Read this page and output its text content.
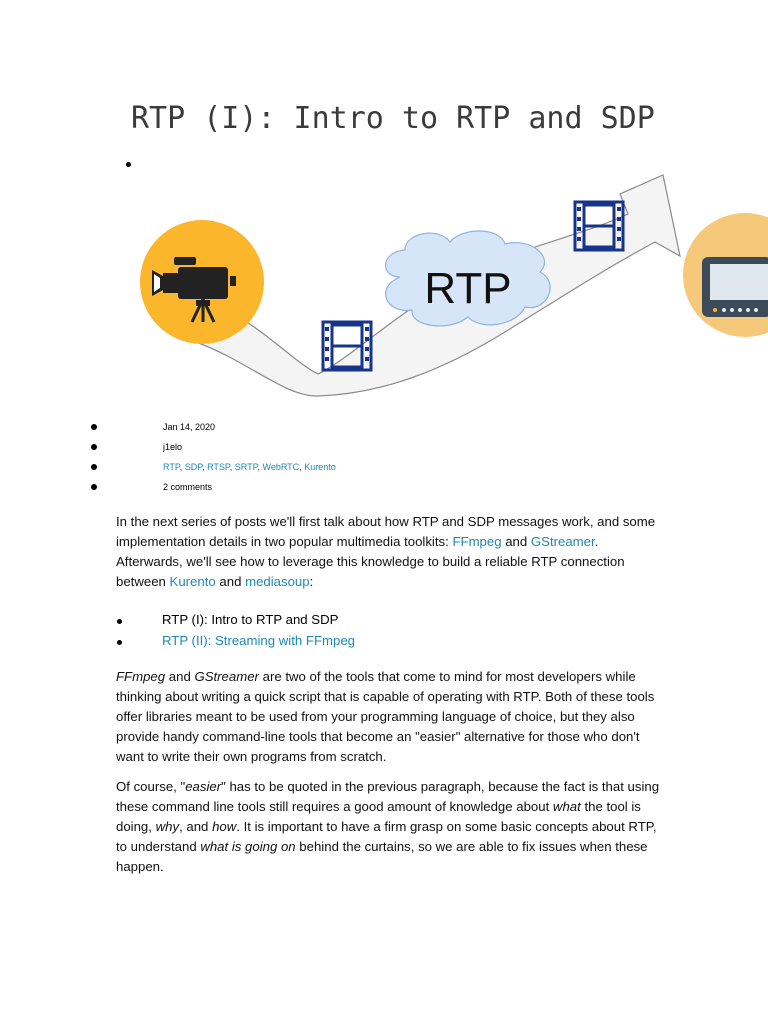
RTP (I): Intro to RTP and SDP
RTP
Jan 14, 2020
j1elo
RTP, SDP, RTSP, SRTP, WebRTC, Kurento
2 comments

In the next series of posts we'll first talk about how RTP and SDP messages work, and some implementation details in two popular multimedia toolkits: FFmpeg and GStreamer. Afterwards, we'll see how to leverage this knowledge to build a reliable RTP connection between Kurento and mediasoup:

RTP (I): Intro to RTP and SDP
RTP (II): Streaming with FFmpeg

FFmpeg and GStreamer are two of the tools that come to mind for most developers while thinking about writing a quick script that is capable of operating with RTP. Both of these tools offer libraries meant to be used from your programming language of choice, but they also provide handy command-line tools that become an "easier" alternative for those who don't want to write their own programs from scratch.

Of course, "easier" has to be quoted in the previous paragraph, because the fact is that using these command line tools still requires a good amount of knowledge about what the tool is doing, why, and how. It is important to have a firm grasp on some basic concepts about RTP, to understand what is going on behind the curtains, so we are able to fix issues when these happen.
